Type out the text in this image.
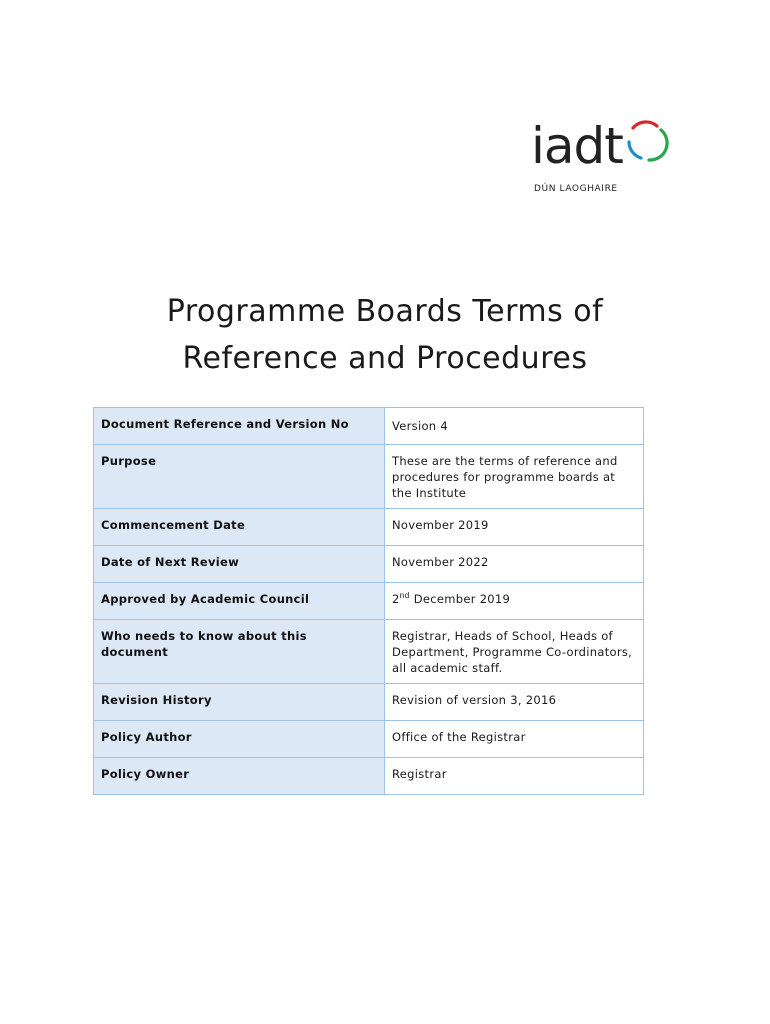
iadt
DÚN LAOGHAIRE
Programme Boards Terms of
Reference and Procedures
Document Reference and Version No	Version 4

Purpose	These are the terms of reference and procedures for programme boards at the Institute
Commencement Date	November 2019
Date of Next Review	November 2022
Approved by Academic Council	2nd December 2019
Who needs to know about this document	Registrar, Heads of School, Heads of Department, Programme Co-ordinators, all academic staff.
Revision History	Revision of version 3, 2016
Policy Author	Office of the Registrar
Policy Owner	Registrar
